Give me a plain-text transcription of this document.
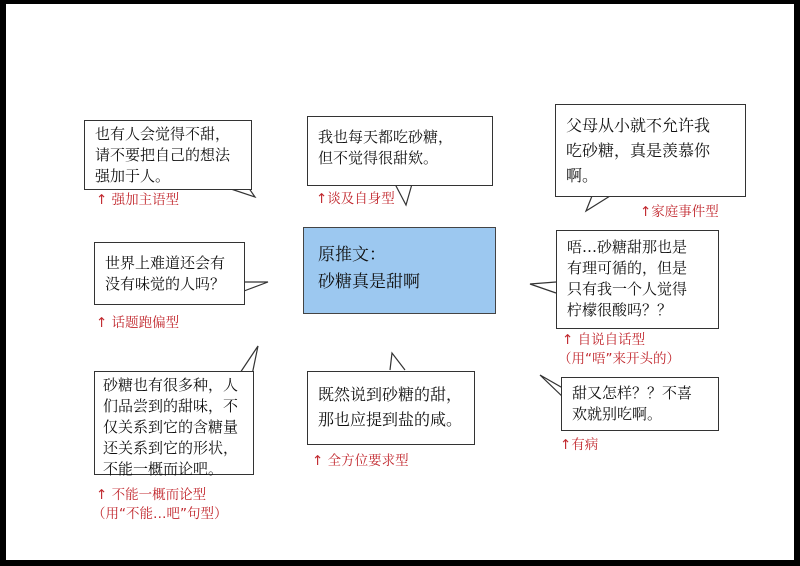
原推文：
砂糖真是甜啊
也有人会觉得不甜，
请不要把自己的想法
强加于人。
↑ 强加主语型
我也每天都吃砂糖，
但不觉得很甜欸。
↑谈及自身型
父母从小就不允许我
吃砂糖，真是羡慕你
啊。
↑家庭事件型
世界上难道还会有
没有味觉的人吗？
↑ 话题跑偏型
唔…砂糖甜那也是
有理可循的，但是
只有我一个人觉得
柠檬很酸吗？？
↑ 自说自话型
（用“唔”来开头的）
砂糖也有很多种，人
们品尝到的甜味，不
仅关系到它的含糖量
还关系到它的形状，
不能一概而论吧。
↑ 不能一概而论型
（用“不能…吧”句型）
既然说到砂糖的甜，
那也应提到盐的咸。
↑ 全方位要求型
甜又怎样？？不喜
欢就别吃啊。
↑有病
